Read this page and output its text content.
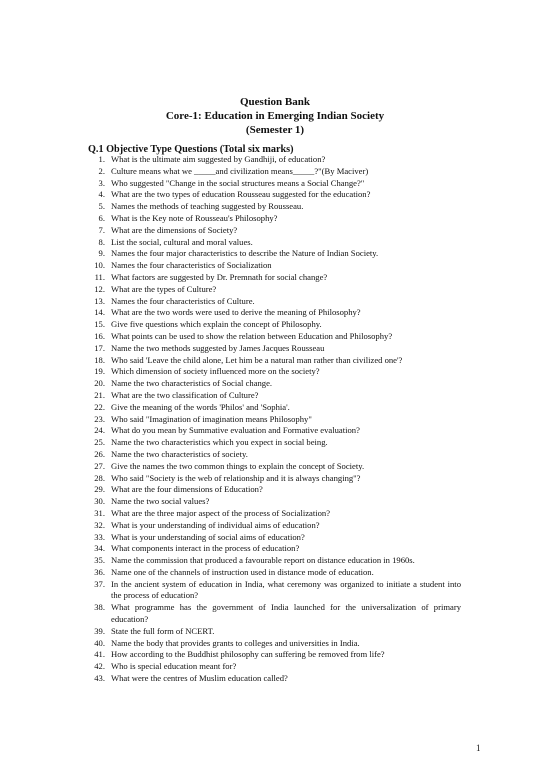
Question Bank
Core-1: Education in Emerging Indian Society
(Semester 1)
Q.1 Objective Type Questions (Total six marks)
1. What is the ultimate aim suggested by Gandhiji, of education?
2. Culture means what we _____and civilization means_____?"(By Maciver)
3. Who suggested "Change in the social structures means a Social Change?"
4. What are the two types of education Rousseau suggested for the education?
5. Names the methods of teaching suggested by Rousseau.
6. What is the Key note of Rousseau's Philosophy?
7. What are the dimensions of Society?
8. List the social, cultural and moral values.
9. Names the four major characteristics to describe the Nature of Indian Society.
10. Names the four characteristics of Socialization
11. What factors are suggested by Dr. Premnath for social change?
12. What are the types of Culture?
13. Names the four characteristics of Culture.
14. What are the two words were used to derive the meaning of Philosophy?
15. Give five questions which explain the concept of Philosophy.
16. What points can be used to show the relation between Education and Philosophy?
17. Name the two methods suggested by James Jacques Rousseau
18. Who said 'Leave the child alone, Let him be a natural man rather than civilized one'?
19. Which dimension of society influenced more on the society?
20. Name the two characteristics of Social change.
21. What are the two classification of Culture?
22. Give the meaning of the words 'Philos' and 'Sophia'.
23. Who said "Imagination of imagination means Philosophy"
24. What do you mean by Summative evaluation and Formative evaluation?
25. Name the two characteristics which you expect in social being.
26. Name the two characteristics of society.
27. Give the names the two common things to explain the concept of Society.
28. Who said "Society is the web of relationship and it is always changing"?
29. What are the four dimensions of Education?
30. Name the two social values?
31. What are the three major aspect of the process of Socialization?
32. What is your understanding of individual aims of education?
33. What is your understanding of social aims of education?
34. What components interact in the process of education?
35. Name the commission that produced a favourable report on distance education in 1960s.
36. Name one of the channels of instruction used in distance mode of education.
37. In the ancient system of education in India, what ceremony was organized to initiate a student into the process of education?
38. What programme has the government of India launched for the universalization of primary education?
39. State the full form of NCERT.
40. Name the body that provides grants to colleges and universities in India.
41. How according to the Buddhist philosophy can suffering be removed from life?
42. Who is special education meant for?
43. What were the centres of Muslim education called?
1
